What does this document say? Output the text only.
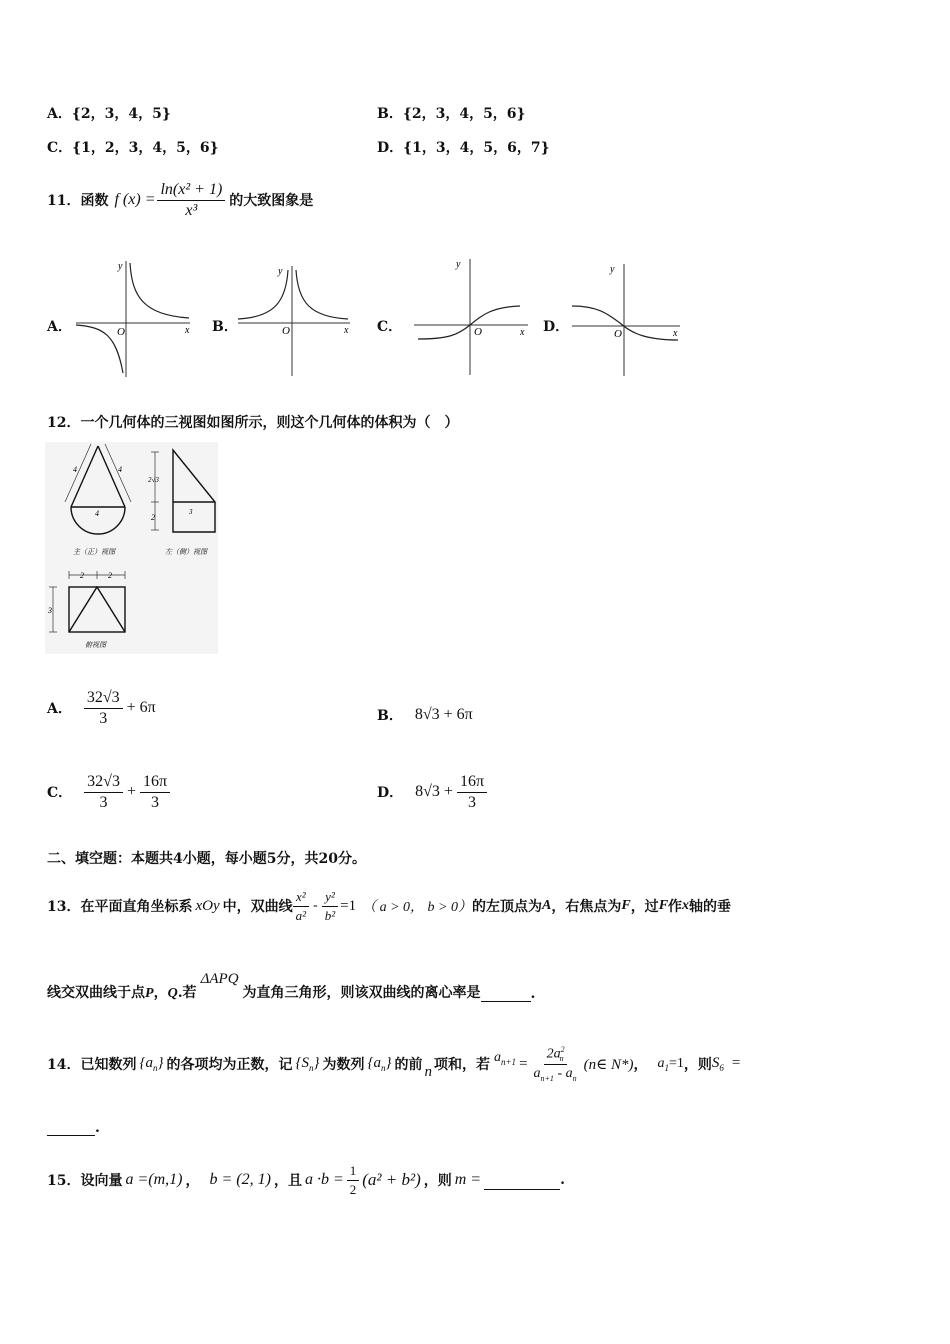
A．{2，3，4，5}	B．{2，3，4，5，6}
C．{1，2，3，4，5，6}	D．{1，3，4，5，6，7}
11． 函数 f $(x) = \frac{\text{ln(x² + 1)}}{\text{x³}}$ 的大致图象是
A．	B．	C．	D．
y
x
O
y
x
O
y
x
O
y
x
O
12．一个几何体的三视图如图所示，则这个几何体的体积为（　）
4	4
4
主（正）视图
2√3
2
3
左（侧）视图
2	2
3
俯视图
A． $\frac{32√3}{3} + 6\pi$	B． 8√3 + 6π
C． $\frac{32√3}{3} + \frac{16\pi}{3}$	D． $8√3 + \frac{16\pi}{3}$
二、填空题：本题共4小题，每小题5分，共20分。
13． 在平面直角坐标系 xOy 中，双曲线 $\frac{\text{x²}}{\text{a²}} - \frac{\text{y²}}{\text{b²}} =1$ （ a > 0， b > 0） 的左顶点为 A ，右焦点为 F ，过 F 作 x 轴的垂
线交双曲线于点 P ， Q .若
ΔAPQ
为直角三角形，则该双曲线的离心率是	.
14． 已知数列 $\{a_n\}$ 的各项均为正数，记 $\{S_n\}$ 为数列 $\{a_n\}$ 的前 n 项和，若 $a_{n+1} = \frac{2a^2_n}{a_{n+1} - a_n}$ (n∈ N*) ， $a_1=1$ ，则 $S_6$ =
.
15． 设向量 a =(m,1) ， b = (2, 1) ，且 $a \cdot b = \frac{1}{2} (a^2 + b^2)$ ，则 m =	.
